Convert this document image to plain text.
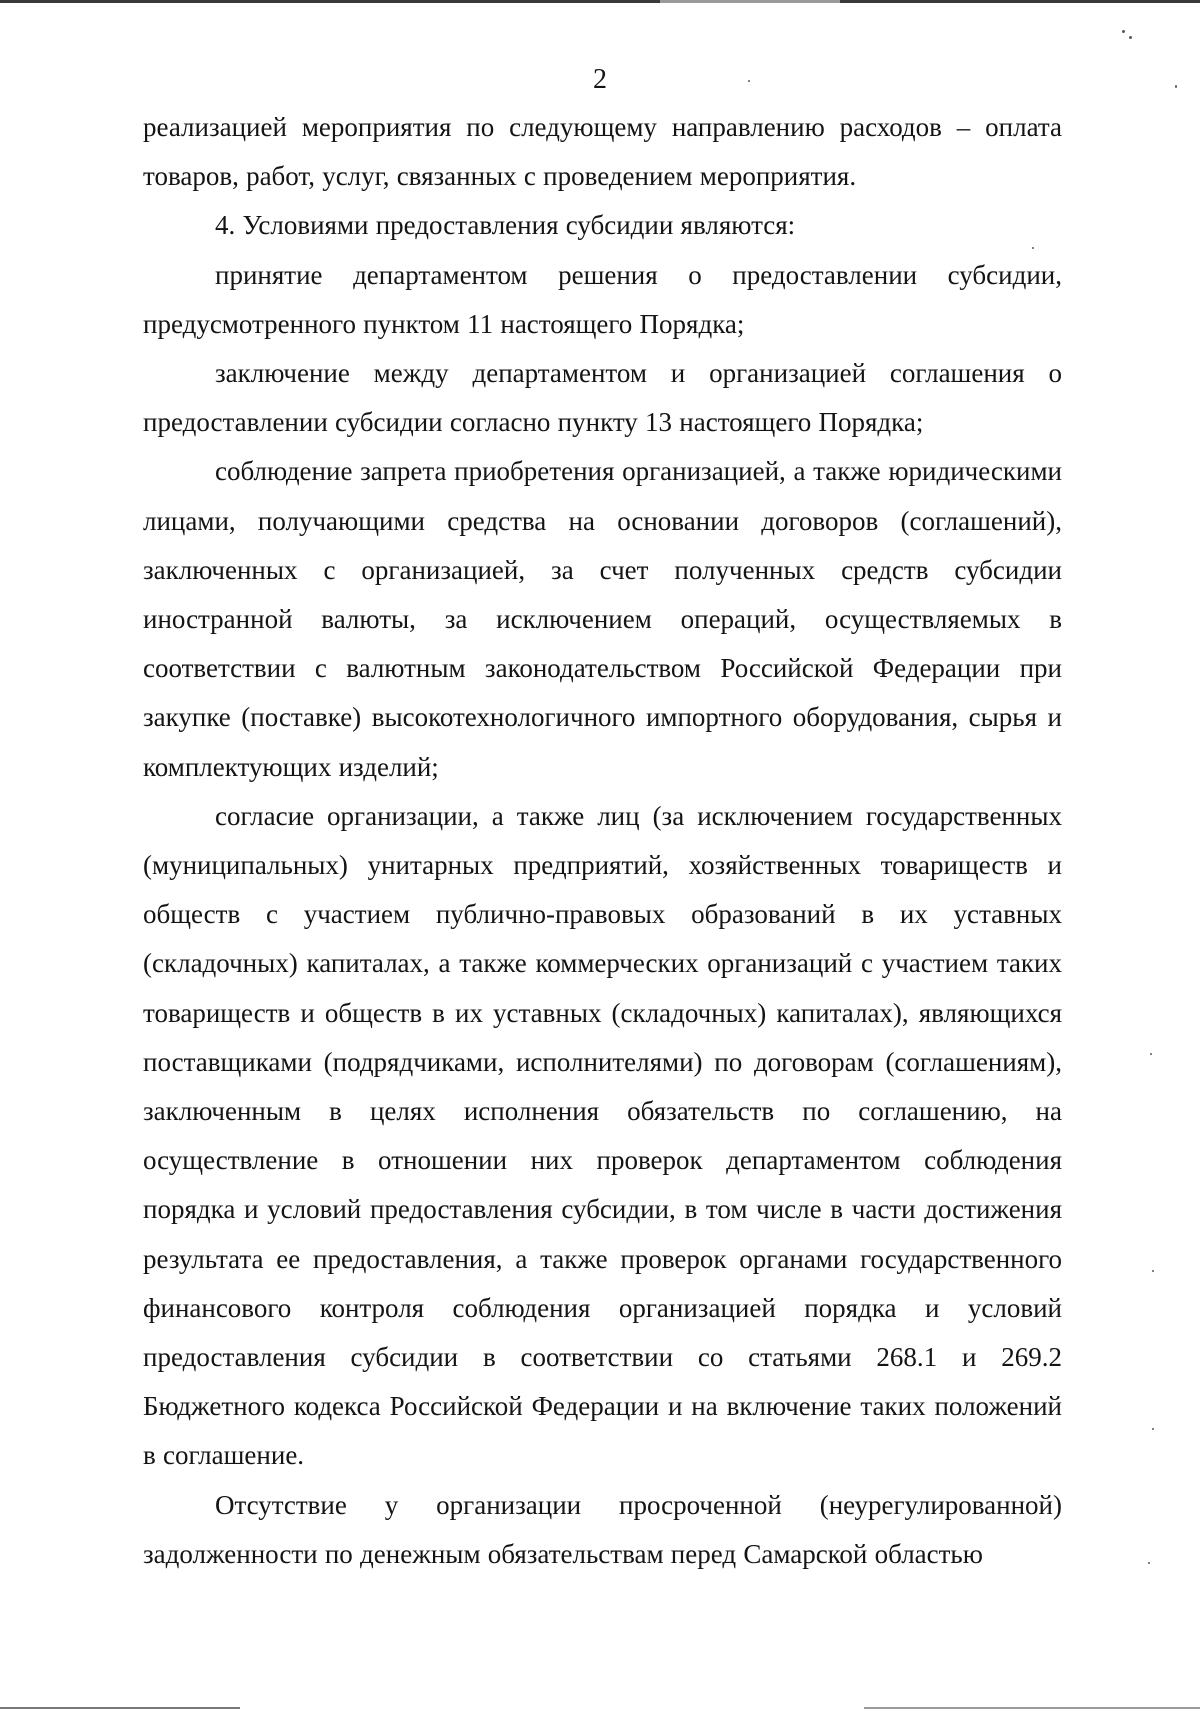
2

реализацией мероприятия по следующему направлению расходов – оплата товаров, работ, услуг, связанных с проведением мероприятия.

4. Условиями предоставления субсидии являются:

принятие департаментом решения о предоставлении субсидии, предусмотренного пунктом 11 настоящего Порядка;

заключение между департаментом и организацией соглашения о предоставлении субсидии согласно пункту 13 настоящего Порядка;

соблюдение запрета приобретения организацией, а также юридическими лицами, получающими средства на основании договоров (соглашений), заключенных с организацией, за счет полученных средств субсидии иностранной валюты, за исключением операций, осуществляемых в соответствии с валютным законодательством Российской Федерации при закупке (поставке) высокотехнологичного импортного оборудования, сырья и комплектующих изделий;

согласие организации, а также лиц (за исключением государственных (муниципальных) унитарных предприятий, хозяйственных товариществ и обществ с участием публично-правовых образований в их уставных (складочных) капиталах, а также коммерческих организаций с участием таких товариществ и обществ в их уставных (складочных) капиталах), являющихся поставщиками (подрядчиками, исполнителями) по договорам (соглашениям), заключенным в целях исполнения обязательств по соглашению, на осуществление в отношении них проверок департаментом соблюдения порядка и условий предоставления субсидии, в том числе в части достижения результата ее предоставления, а также проверок органами государственного финансового контроля соблюдения организацией порядка и условий предоставления субсидии в соответствии со статьями 268.1 и 269.2 Бюджетного кодекса Российской Федерации и на включение таких положений в соглашение.

Отсутствие у организации просроченной (неурегулированной) задолженности по денежным обязательствам перед Самарской областью
